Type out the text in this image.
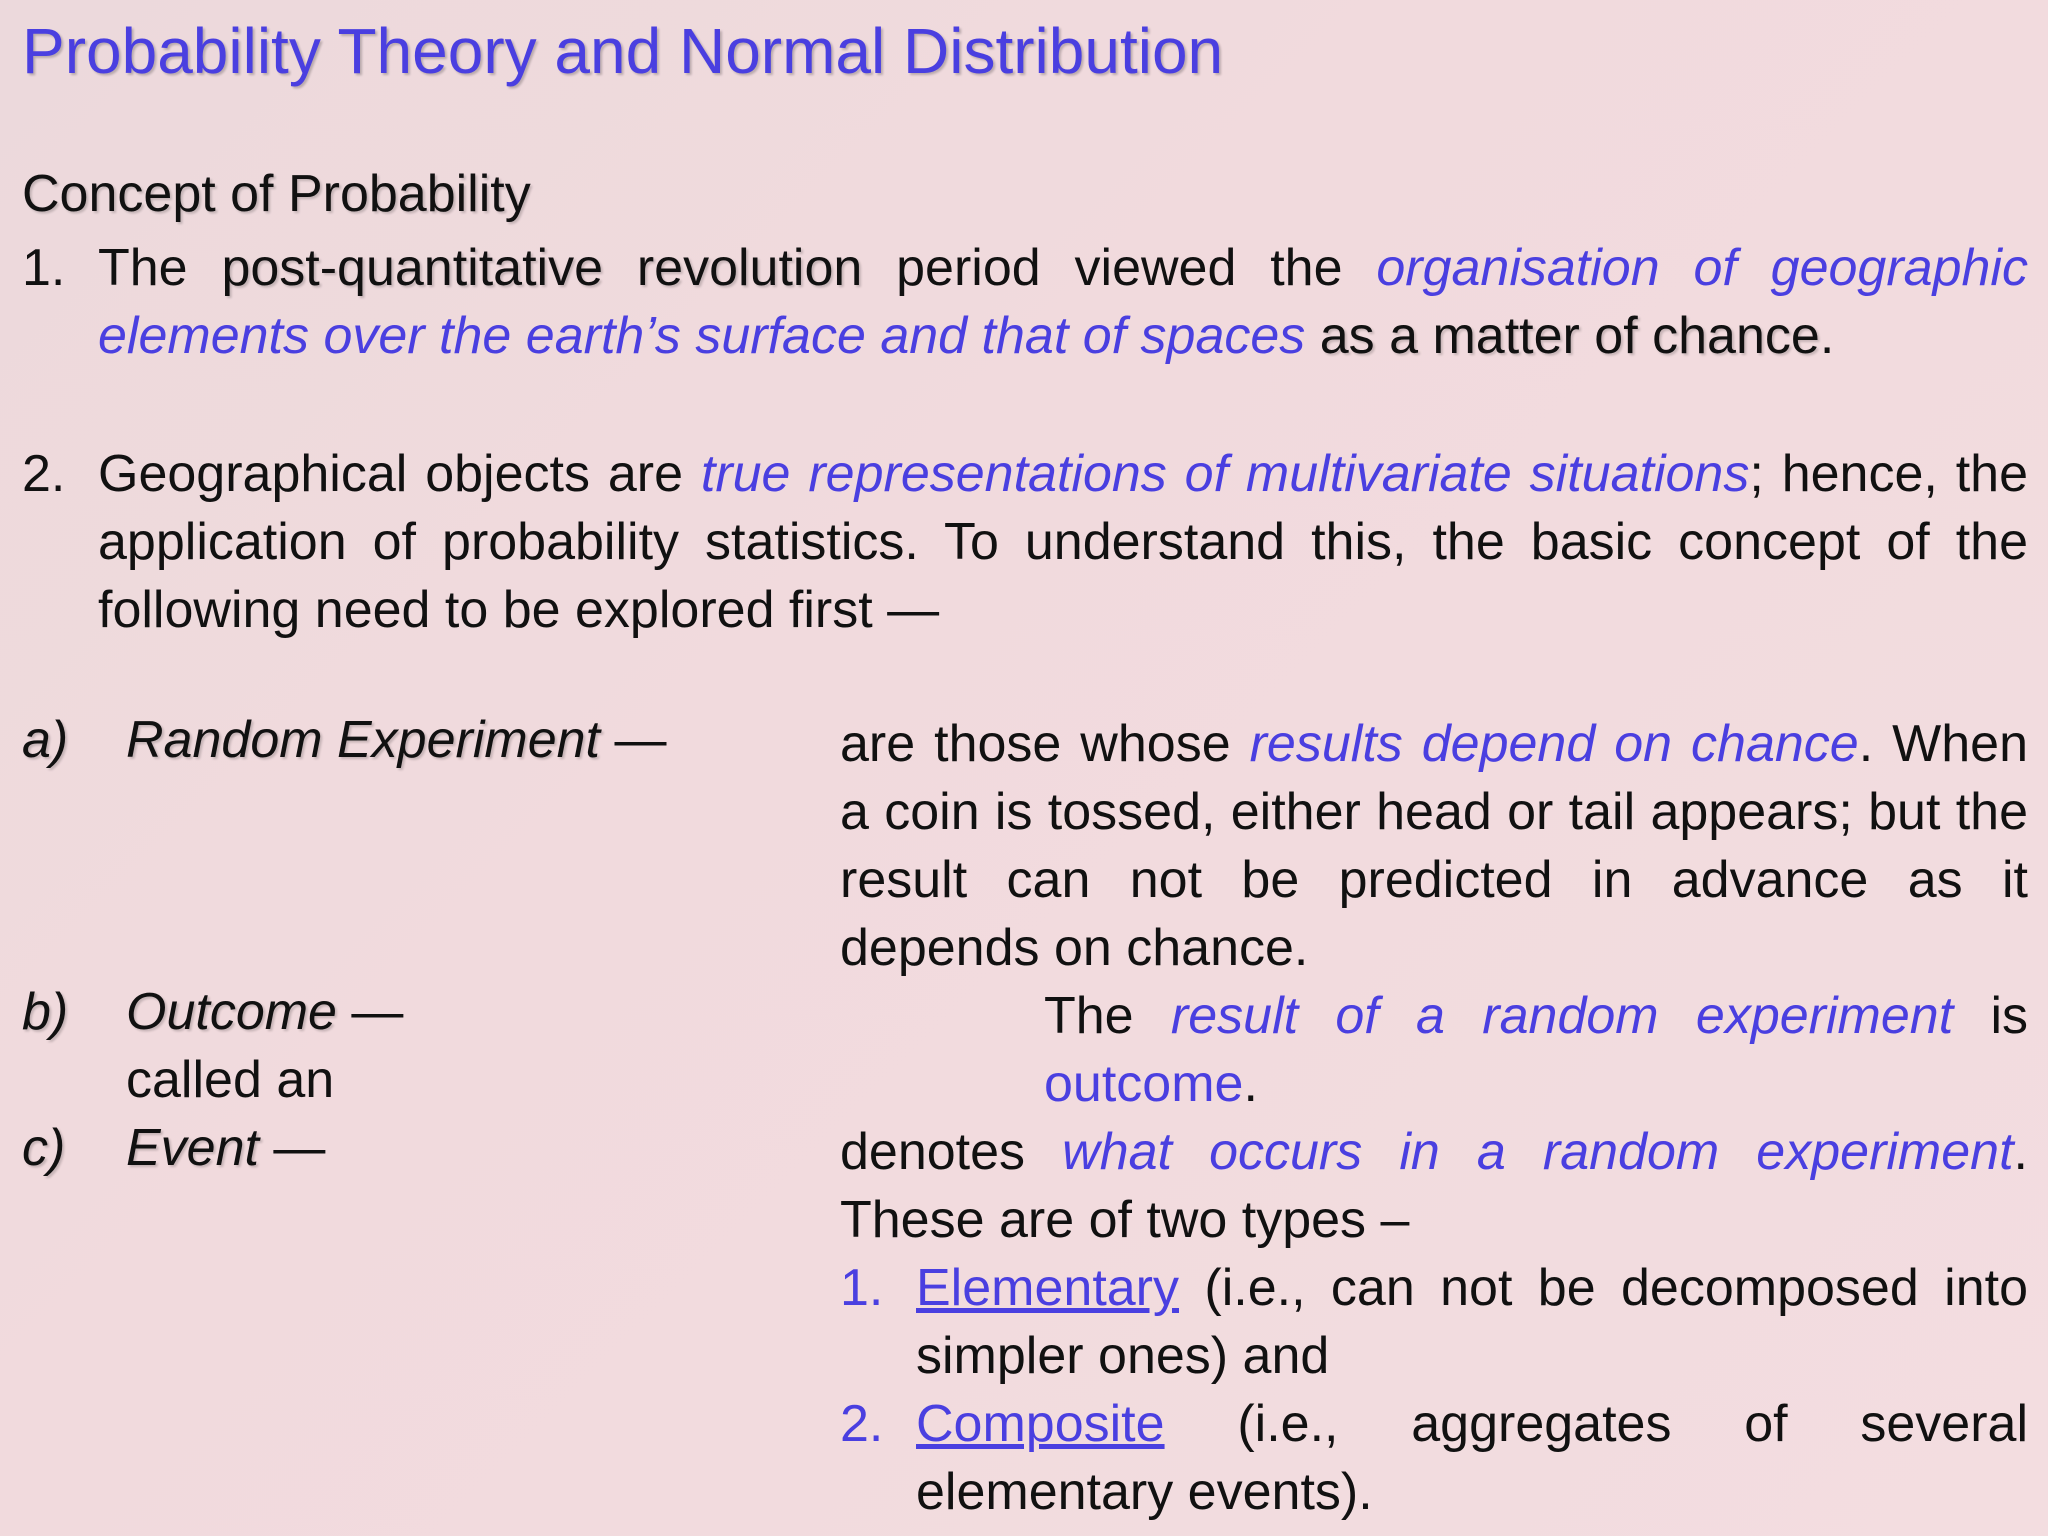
Probability Theory and Normal Distribution
Concept of Probability
1. The post-quantitative revolution period viewed the organisation of geographic elements over the earth’s surface and that of spaces as a matter of chance.
2. Geographical objects are true representations of multivariate situations; hence, the application of probability statistics. To understand this, the basic concept of the following need to be explored first —
a) Random Experiment —	are those whose results depend on chance. When a coin is tossed, either head or tail appears; but the result can not be predicted in advance as it depends on chance.
b) Outcome —
called an
The result of a random experiment is outcome.
c) Event —	denotes what occurs in a random experiment. These are of two types –
1. Elementary (i.e., can not be decomposed into simpler ones) and
2. Composite (i.e., aggregates of several elementary events).
